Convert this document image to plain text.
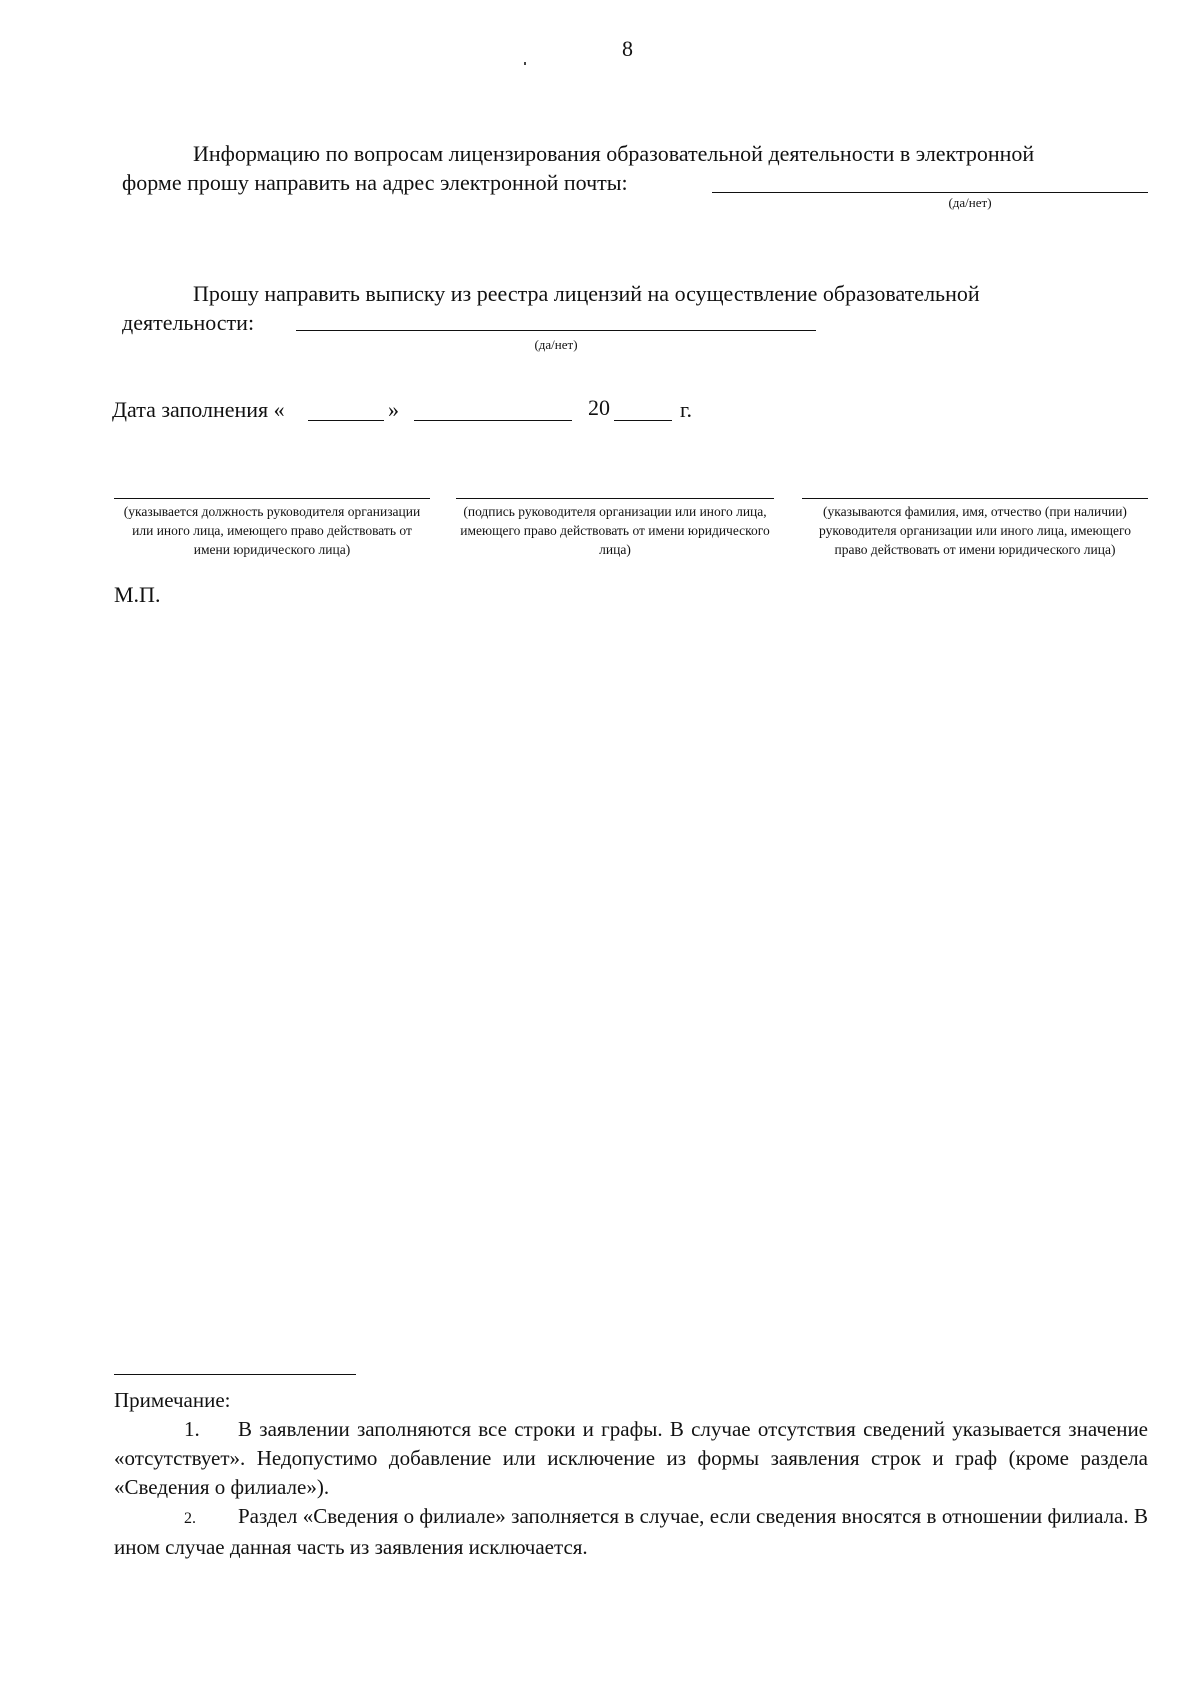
8
Информацию по вопросам лицензирования образовательной деятельности в электронной
форме прошу направить на адрес электронной почты:
(да/нет)
Прошу направить выписку из реестра лицензий на осуществление образовательной
деятельности:
(да/нет)
Дата заполнения «	»	20	г.
(указывается должность руководителя организации или иного лица, имеющего право действовать от имени юридического лица)
(подпись руководителя организации или иного лица, имеющего право действовать от имени юридического лица)
(указываются фамилия, имя, отчество (при наличии) руководителя организации или иного лица, имеющего право действовать от имени юридического лица)
М.П.
Примечание:
1. В заявлении заполняются все строки и графы. В случае отсутствия сведений указывается значение «отсутствует». Недопустимо добавление или исключение из формы заявления строк и граф (кроме раздела «Сведения о филиале»).
2. Раздел «Сведения о филиале» заполняется в случае, если сведения вносятся в отношении филиала. В ином случае данная часть из заявления исключается.
